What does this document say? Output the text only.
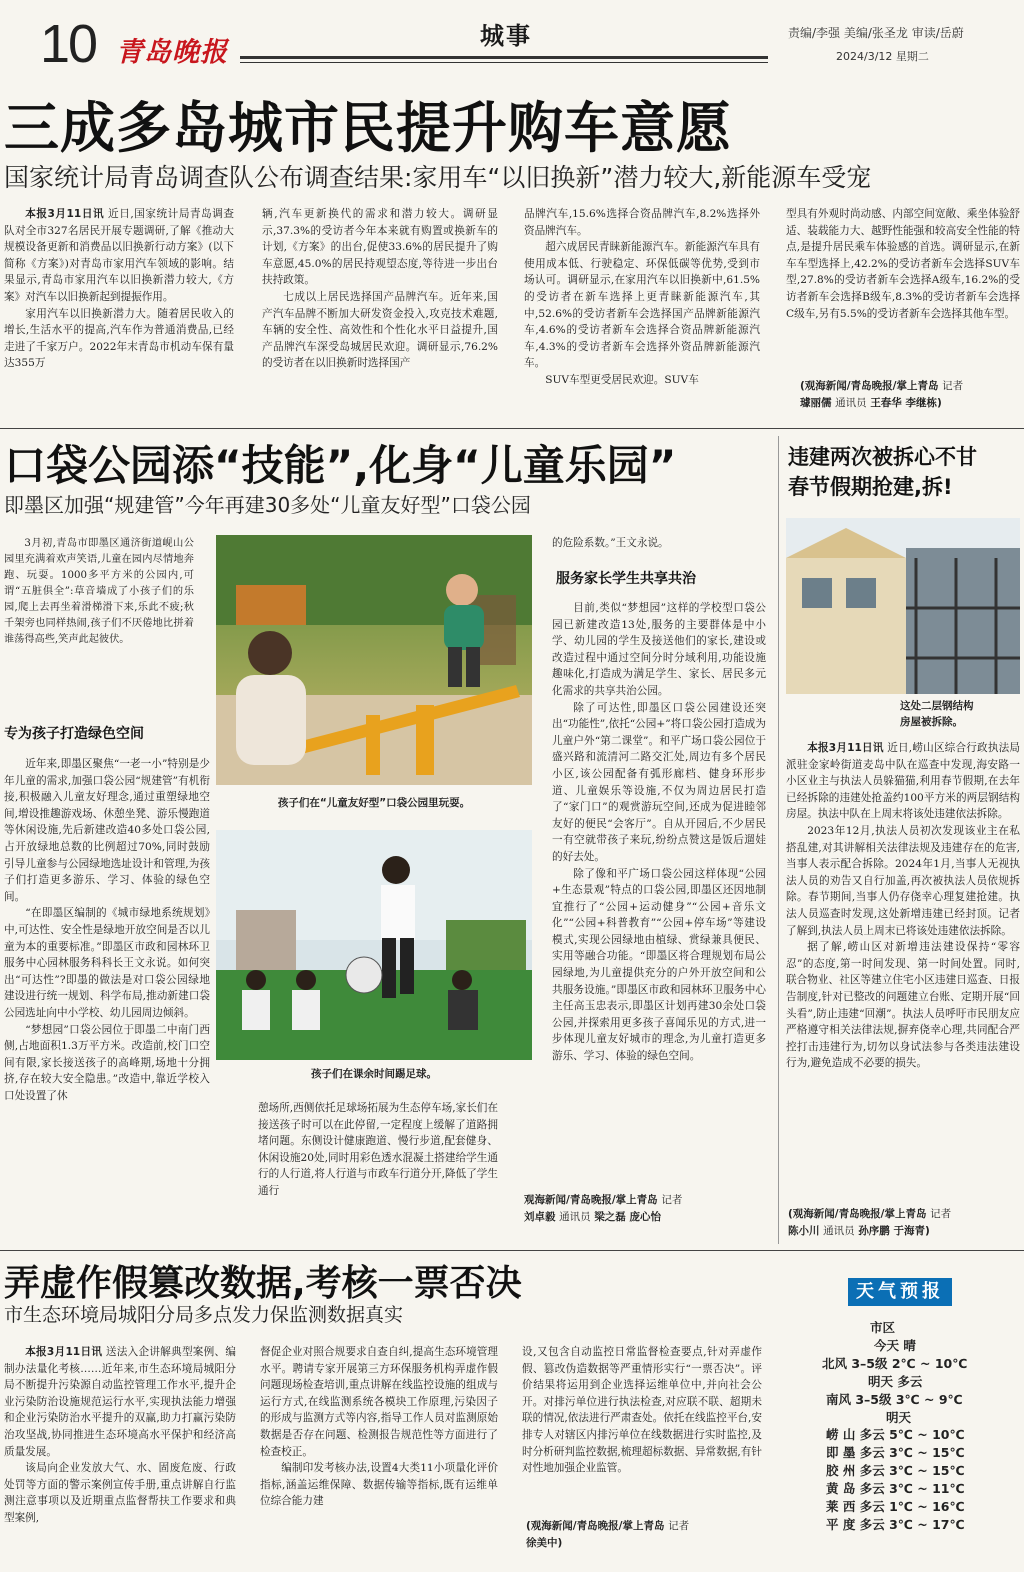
10 青岛晚报
城事	责编/李强 美编/张圣龙 审读/岳蔚
2024/3/12 星期二
三成多岛城市民提升购车意愿
国家统计局青岛调查队公布调查结果:家用车“以旧换新”潜力较大,新能源车受宠

本报3月11日讯 近日,国家统计局青岛调查队对全市327名居民开展专题调研,了解《推动大规模设备更新和消费品以旧换新行动方案》(以下简称《方案》)对青岛市家用汽车领域的影响。结果显示,青岛市家用汽车以旧换新潜力较大,《方案》对汽车以旧换新起到提振作用。

家用汽车以旧换新潜力大。随着居民收入的增长,生活水平的提高,汽车作为普通消费品,已经走进了千家万户。2022年末青岛市机动车保有量达355万

辆,汽车更新换代的需求和潜力较大。调研显示,37.3%的受访者今年本来就有购置或换新车的计划,《方案》的出台,促使33.6%的居民提升了购车意愿,45.0%的居民持观望态度,等待进一步出台扶持政策。

七成以上居民选择国产品牌汽车。近年来,国产汽车品牌不断加大研发资金投入,攻克技术难题,车辆的安全性、高效性和个性化水平日益提升,国产品牌汽车深受岛城居民欢迎。调研显示,76.2%的受访者在以旧换新时选择国产

品牌汽车,15.6%选择合资品牌汽车,8.2%选择外资品牌汽车。

超六成居民青睐新能源汽车。新能源汽车具有使用成本低、行驶稳定、环保低碳等优势,受到市场认可。调研显示,在家用汽车以旧换新中,61.5%的受访者在新车选择上更青睐新能源汽车,其中,52.6%的受访者新车会选择国产品牌新能源汽车,4.6%的受访者新车会选择合资品牌新能源汽车,4.3%的受访者新车会选择外资品牌新能源汽车。

SUV车型更受居民欢迎。SUV车

型具有外观时尚动感、内部空间宽敞、乘坐体验舒适、装载能力大、越野性能强和较高安全性能的特点,是提升居民乘车体验感的首选。调研显示,在新车车型选择上,42.2%的受访者新车会选择SUV车型,27.8%的受访者新车会选择A级车,16.2%的受访者新车会选择B级车,8.3%的受访者新车会选择C级车,另有5.5%的受访者新车会选择其他车型。

(观海新闻/青岛晚报/掌上青岛 记者
璩丽儒 通讯员 王春华 李继栋)
口袋公园添“技能”,化身“儿童乐园”
即墨区加强“规建管”今年再建30多处“儿童友好型”口袋公园

3月初,青岛市即墨区通济街道岘山公园里充满着欢声笑语,儿童在园内尽情地奔跑、玩耍。1000多平方米的公园内,可谓“五脏俱全”:草音墙成了小孩子们的乐园,爬上去再坐着滑梯滑下来,乐此不疲;秋千架旁也同样热闹,孩子们不厌倦地比拼着谁荡得高些,笑声此起彼伏。

专为孩子打造绿色空间

近年来,即墨区聚焦“一老一小”特别是少年儿童的需求,加强口袋公园“规建管”有机衔接,积极融入儿童友好理念,通过重塑绿地空间,增设推趣游戏场、休憩坐凳、游乐慢跑道等休闲设施,先后新建改造40多处口袋公园,占开放绿地总数的比例超过70%,同时鼓励引导儿童参与公园绿地选址设计和管理,为孩子们打造更多游乐、学习、体验的绿色空间。

“在即墨区编制的《城市绿地系统规划》中,可达性、安全性是绿地开放空间是否以儿童为本的重要标准。”即墨区市政和园林环卫服务中心园林服务科科长王文永说。如何突出“可达性”?即墨的做法是对口袋公园绿地建设进行统一规划、科学布局,推动新建口袋公园选址向中小学校、幼儿园周边倾斜。

“梦想园”口袋公园位于即墨二中南门西侧,占地面积1.3万平方米。改造前,校门口空间有限,家长接送孩子的高峰期,场地十分拥挤,存在较大安全隐患。”改造中,靠近学校入口处设置了休

孩子们在“儿童友好型”口袋公园里玩耍。
孩子们在课余时间踢足球。

憩场所,西侧依托足球场拓展为生态停车场,家长们在接送孩子时可以在此停留,一定程度上缓解了道路拥堵问题。东侧设计健康跑道、慢行步道,配套健身、休闲设施20处,同时用彩色透水混凝土搭建给学生通行的人行道,将人行道与市政车行道分开,降低了学生通行

的危险系数。”王文永说。

服务家长学生共享共治

目前,类似“梦想园”这样的学校型口袋公园已新建改造13处,服务的主要群体是中小学、幼儿园的学生及接送他们的家长,建设或改造过程中通过空间分时分域利用,功能设施趣味化,打造成为满足学生、家长、居民多元化需求的共享共治公园。

除了可达性,即墨区口袋公园建设还突出“功能性”,依托“公园+”将口袋公园打造成为儿童户外“第二课堂”。和平广场口袋公园位于盛兴路和流清河二路交汇处,周边有多个居民小区,该公园配备有弧形廊档、健身环形步道、儿童娱乐等设施,不仅为周边居民打造了“家门口”的观赏游玩空间,还成为促进睦邻友好的便民“会客厅”。自从开园后,不少居民一有空就带孩子来玩,纷纷点赞这是饭后遛娃的好去处。

除了像和平广场口袋公园这样体现“公园+生态景观”特点的口袋公园,即墨区还因地制宜推行了“公园+运动健身”“公园+音乐文化”“公园+科普教育”“公园+停车场”等建设模式,实现公园绿地由植绿、赏绿兼具便民、实用等融合功能。“即墨区将合理规划布局公园绿地,为儿童提供充分的户外开放空间和公共服务设施。”即墨区市政和园林环卫服务中心主任高玉忠表示,即墨区计划再建30余处口袋公园,并探索用更多孩子喜闻乐见的方式,进一步体现儿童友好城市的理念,为儿童打造更多游乐、学习、体验的绿色空间。

观海新闻/青岛晚报/掌上青岛 记者
刘卓毅 通讯员 梁之磊 庞心怡
违建两次被拆心不甘
春节假期抢建,拆!
这处二层钢结构
房屋被拆除。

本报3月11日讯 近日,崂山区综合行政执法局派驻金家岭街道麦岛中队在巡查中发现,海安路一小区业主与执法人员躲猫猫,利用春节假期,在去年已经拆除的违建处抢盖约100平方米的两层钢结构房屋。执法中队在上周末将该处违建依法拆除。

2023年12月,执法人员初次发现该业主在私搭乱建,对其讲解相关法律法规及违建存在的危害,当事人表示配合拆除。2024年1月,当事人无视执法人员的劝告又自行加盖,再次被执法人员依规拆除。春节期间,当事人仍存侥幸心理复建抢建。执法人员巡查时发现,这处新增违建已经封顶。记者了解到,执法人员上周末已将该处违建依法拆除。

据了解,崂山区对新增违法建设保持“零容忍”的态度,第一时间发现、第一时间处置。同时,联合物业、社区等建立住宅小区违建日巡查、日报告制度,针对已整改的问题建立台账、定期开展“回头看”,防止违建“回潮”。执法人员呼吁市民朋友应严格遵守相关法律法规,摒弃侥幸心理,共同配合严控打击违建行为,切勿以身试法参与各类违法建设行为,避免造成不必要的损失。

(观海新闻/青岛晚报/掌上青岛 记者
陈小川 通讯员 孙序鹏 于海青)
弄虚作假篡改数据,考核一票否决
市生态环境局城阳分局多点发力保监测数据真实

本报3月11日讯 送法入企讲解典型案例、编制办法量化考核……近年来,市生态环境局城阳分局不断提升污染源自动监控管理工作水平,提升企业污染防治设施规范运行水平,实现执法能力增强和企业污染防治水平提升的双赢,助力打赢污染防治攻坚战,协同推进生态环境高水平保护和经济高质量发展。

该局向企业发放大气、水、固废危废、行政处罚等方面的警示案例宣传手册,重点讲解自行监测注意事项以及近期重点监督帮扶工作要求和典型案例,

督促企业对照合规要求自查自纠,提高生态环境管理水平。聘请专家开展第三方环保服务机构弄虚作假问题现场检查培训,重点讲解在线监控设施的组成与运行方式,在线监测系统各模块工作原理,污染因子的形成与监测方式等内容,指导工作人员对监测原始数据是否存在问题、检测报告规范性等方面进行了检查校正。

编制印发考核办法,设置4大类11小项量化评价指标,涵盖运维保障、数据传输等指标,既有运维单位综合能力建

设,又包含自动监控日常监督检查要点,针对弄虚作假、篡改伪造数据等严重情形实行“一票否决”。评价结果将运用到企业选择运维单位中,并向社会公开。对排污单位进行执法检查,对应联不联、超期未联的情况,依法进行严肃查处。依托在线监控平台,安排专人对辖区内排污单位在线数据进行实时监控,及时分析研判监控数据,梳理超标数据、异常数据,有针对性地加强企业监管。

(观海新闻/青岛晚报/掌上青岛 记者
徐美中)
天气预报
市区
今天 晴
北风 3–5级 2℃ ~ 10℃
明天 多云
南风 3–5级 3℃ ~ 9℃
明天
崂 山 多云 5℃ ~ 10℃
即 墨 多云 3℃ ~ 15℃
胶 州 多云 3℃ ~ 15℃
黄 岛 多云 3℃ ~ 11℃
莱 西 多云 1℃ ~ 16℃
平 度 多云 3℃ ~ 17℃
